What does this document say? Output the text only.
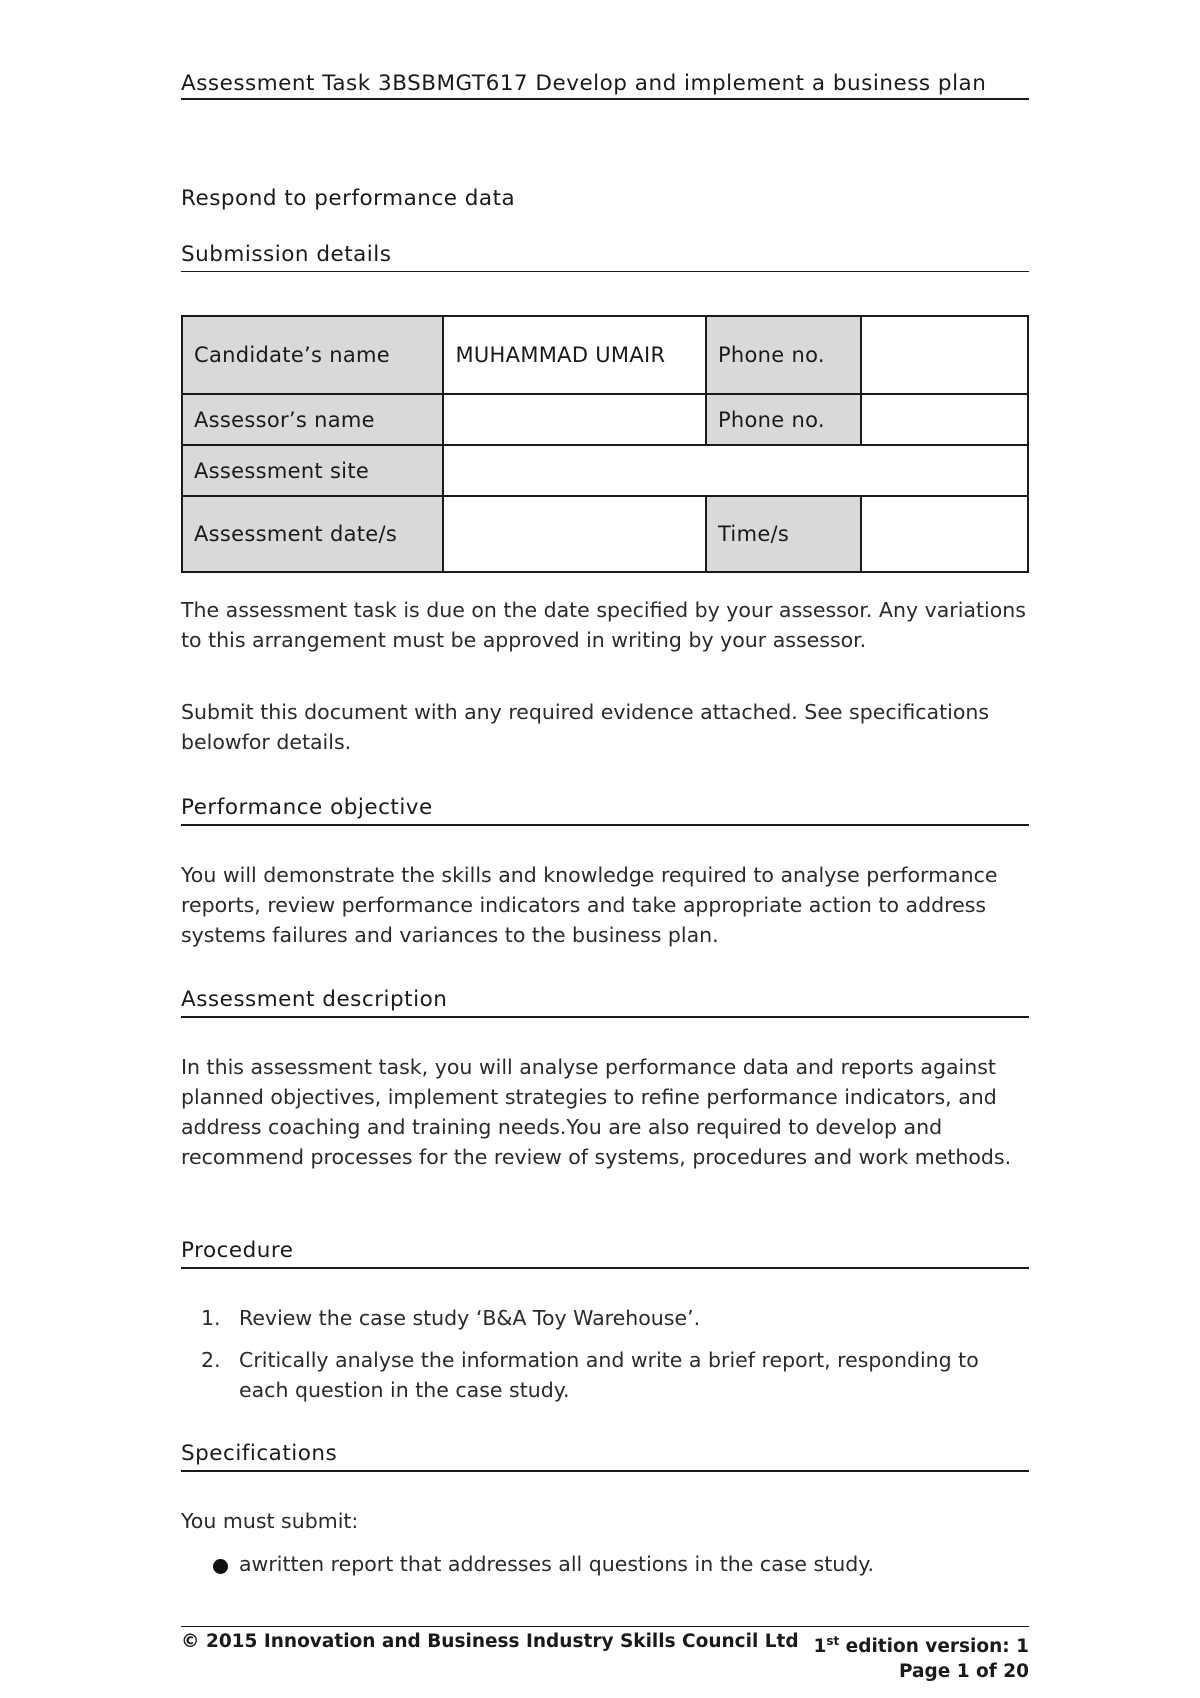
Assessment Task 3BSBMGT617 Develop and implement a business plan
Respond to performance data
Submission details
Candidate’s name	MUHAMMAD UMAIR	Phone no.	
Assessor’s name		Phone no.	
Assessment site			
Assessment date/s		Time/s	
The assessment task is due on the date specified by your assessor. Any variations to this arrangement must be approved in writing by your assessor.
Submit this document with any required evidence attached. See specifications belowfor details.
Performance objective
You will demonstrate the skills and knowledge required to analyse performance reports, review performance indicators and take appropriate action to address systems failures and variances to the business plan.
Assessment description
In this assessment task, you will analyse performance data and reports against planned objectives, implement strategies to refine performance indicators, and address coaching and training needs.You are also required to develop and recommend processes for the review of systems, procedures and work methods.
Procedure
1. Review the case study ‘B&A Toy Warehouse’.
2. Critically analyse the information and write a brief report, responding to each question in the case study.
Specifications
You must submit:
awritten report that addresses all questions in the case study.
© 2015 Innovation and Business Industry Skills Council Ltd 1st edition version: 1
Page 1 of 20
